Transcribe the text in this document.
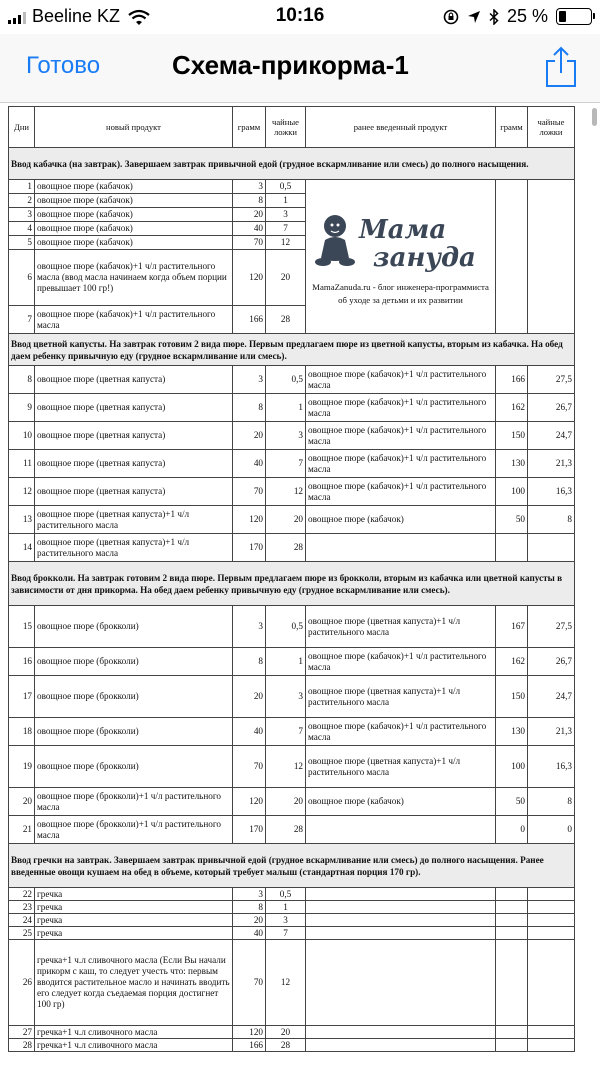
Beeline KZ	10:16	25 %
Готово	Схема-прикорма-1
Дни	новый продукт	грамм	чайные ложки	ранее введенный продукт	грамм	чайные ложки
Ввод кабачка (на завтрак). Завершаем завтрак привычной едой (грудное вскармливание или смесь) до полного насыщения.						
1	овощное пюре (кабачок)	3	0,5	Мама
зануда
MamaZanuda.ru - блог инженера-программиста об уходе за детьми и их развитии		

2	овощное пюре (кабачок)	8	1			
3	овощное пюре (кабачок)	20	3			
4	овощное пюре (кабачок)	40	7			
5	овощное пюре (кабачок)	70	12			
6	овощное пюре (кабачок)+1 ч/л растительного масла (ввод масла начинаем когда объем порции превышает 100 гр!)	120	20			
7	овощное пюре (кабачок)+1 ч/л растительного масла	166	28			
Ввод цветной капусты. На завтрак готовим 2 вида пюре. Первым предлагаем пюре из цветной капусты, вторым из кабачка. На обед даем ребенку привычную еду (грудное вскармливание или смесь).						
8	овощное пюре (цветная капуста)	3	0,5	овощное пюре (кабачок)+1 ч/л растительного масла	166	27,5
9	овощное пюре (цветная капуста)	8	1	овощное пюре (кабачок)+1 ч/л растительного масла	162	26,7
10	овощное пюре (цветная капуста)	20	3	овощное пюре (кабачок)+1 ч/л растительного масла	150	24,7
11	овощное пюре (цветная капуста)	40	7	овощное пюре (кабачок)+1 ч/л растительного масла	130	21,3
12	овощное пюре (цветная капуста)	70	12	овощное пюре (кабачок)+1 ч/л растительного масла	100	16,3
13	овощное пюре (цветная капуста)+1 ч/л растительного масла	120	20	овощное пюре (кабачок)	50	8
14	овощное пюре (цветная капуста)+1 ч/л растительного масла	170	28			
Ввод брокколи. На завтрак готовим 2 вида пюре. Первым предлагаем пюре из брокколи, вторым из кабачка или цветной капусты в зависимости от дня прикорма. На обед даем ребенку привычную еду (грудное вскармливание или смесь).						
15	овощное пюре (брокколи)	3	0,5	овощное пюре (цветная капуста)+1 ч/л растительного масла	167	27,5
16	овощное пюре (брокколи)	8	1	овощное пюре (кабачок)+1 ч/л растительного масла	162	26,7
17	овощное пюре (брокколи)	20	3	овощное пюре (цветная капуста)+1 ч/л растительного масла	150	24,7
18	овощное пюре (брокколи)	40	7	овощное пюре (кабачок)+1 ч/л растительного масла	130	21,3
19	овощное пюре (брокколи)	70	12	овощное пюре (цветная капуста)+1 ч/л растительного масла	100	16,3
20	овощное пюре (брокколи)+1 ч/л растительного масла	120	20	овощное пюре (кабачок)	50	8
21	овощное пюре (брокколи)+1 ч/л растительного масла	170	28		0	0
Ввод гречки на завтрак. Завершаем завтрак привычной едой (грудное вскармливание или смесь) до полного насыщения. Ранее введенные овощи кушаем на обед в объеме, который требует малыш (стандартная порция 170 гр).						
22	гречка	3	0,5			
23	гречка	8	1			
24	гречка	20	3			
25	гречка	40	7			
26	гречка+1 ч.л сливочного масла (Если Вы начали прикорм с каш, то следует учесть что: первым вводится растительное масло и начинать вводить его следует когда съедаемая порция достигнет 100 гр)	70	12			
27	гречка+1 ч.л сливочного масла	120	20			
28	гречка+1 ч.л сливочного масла	166	28			
